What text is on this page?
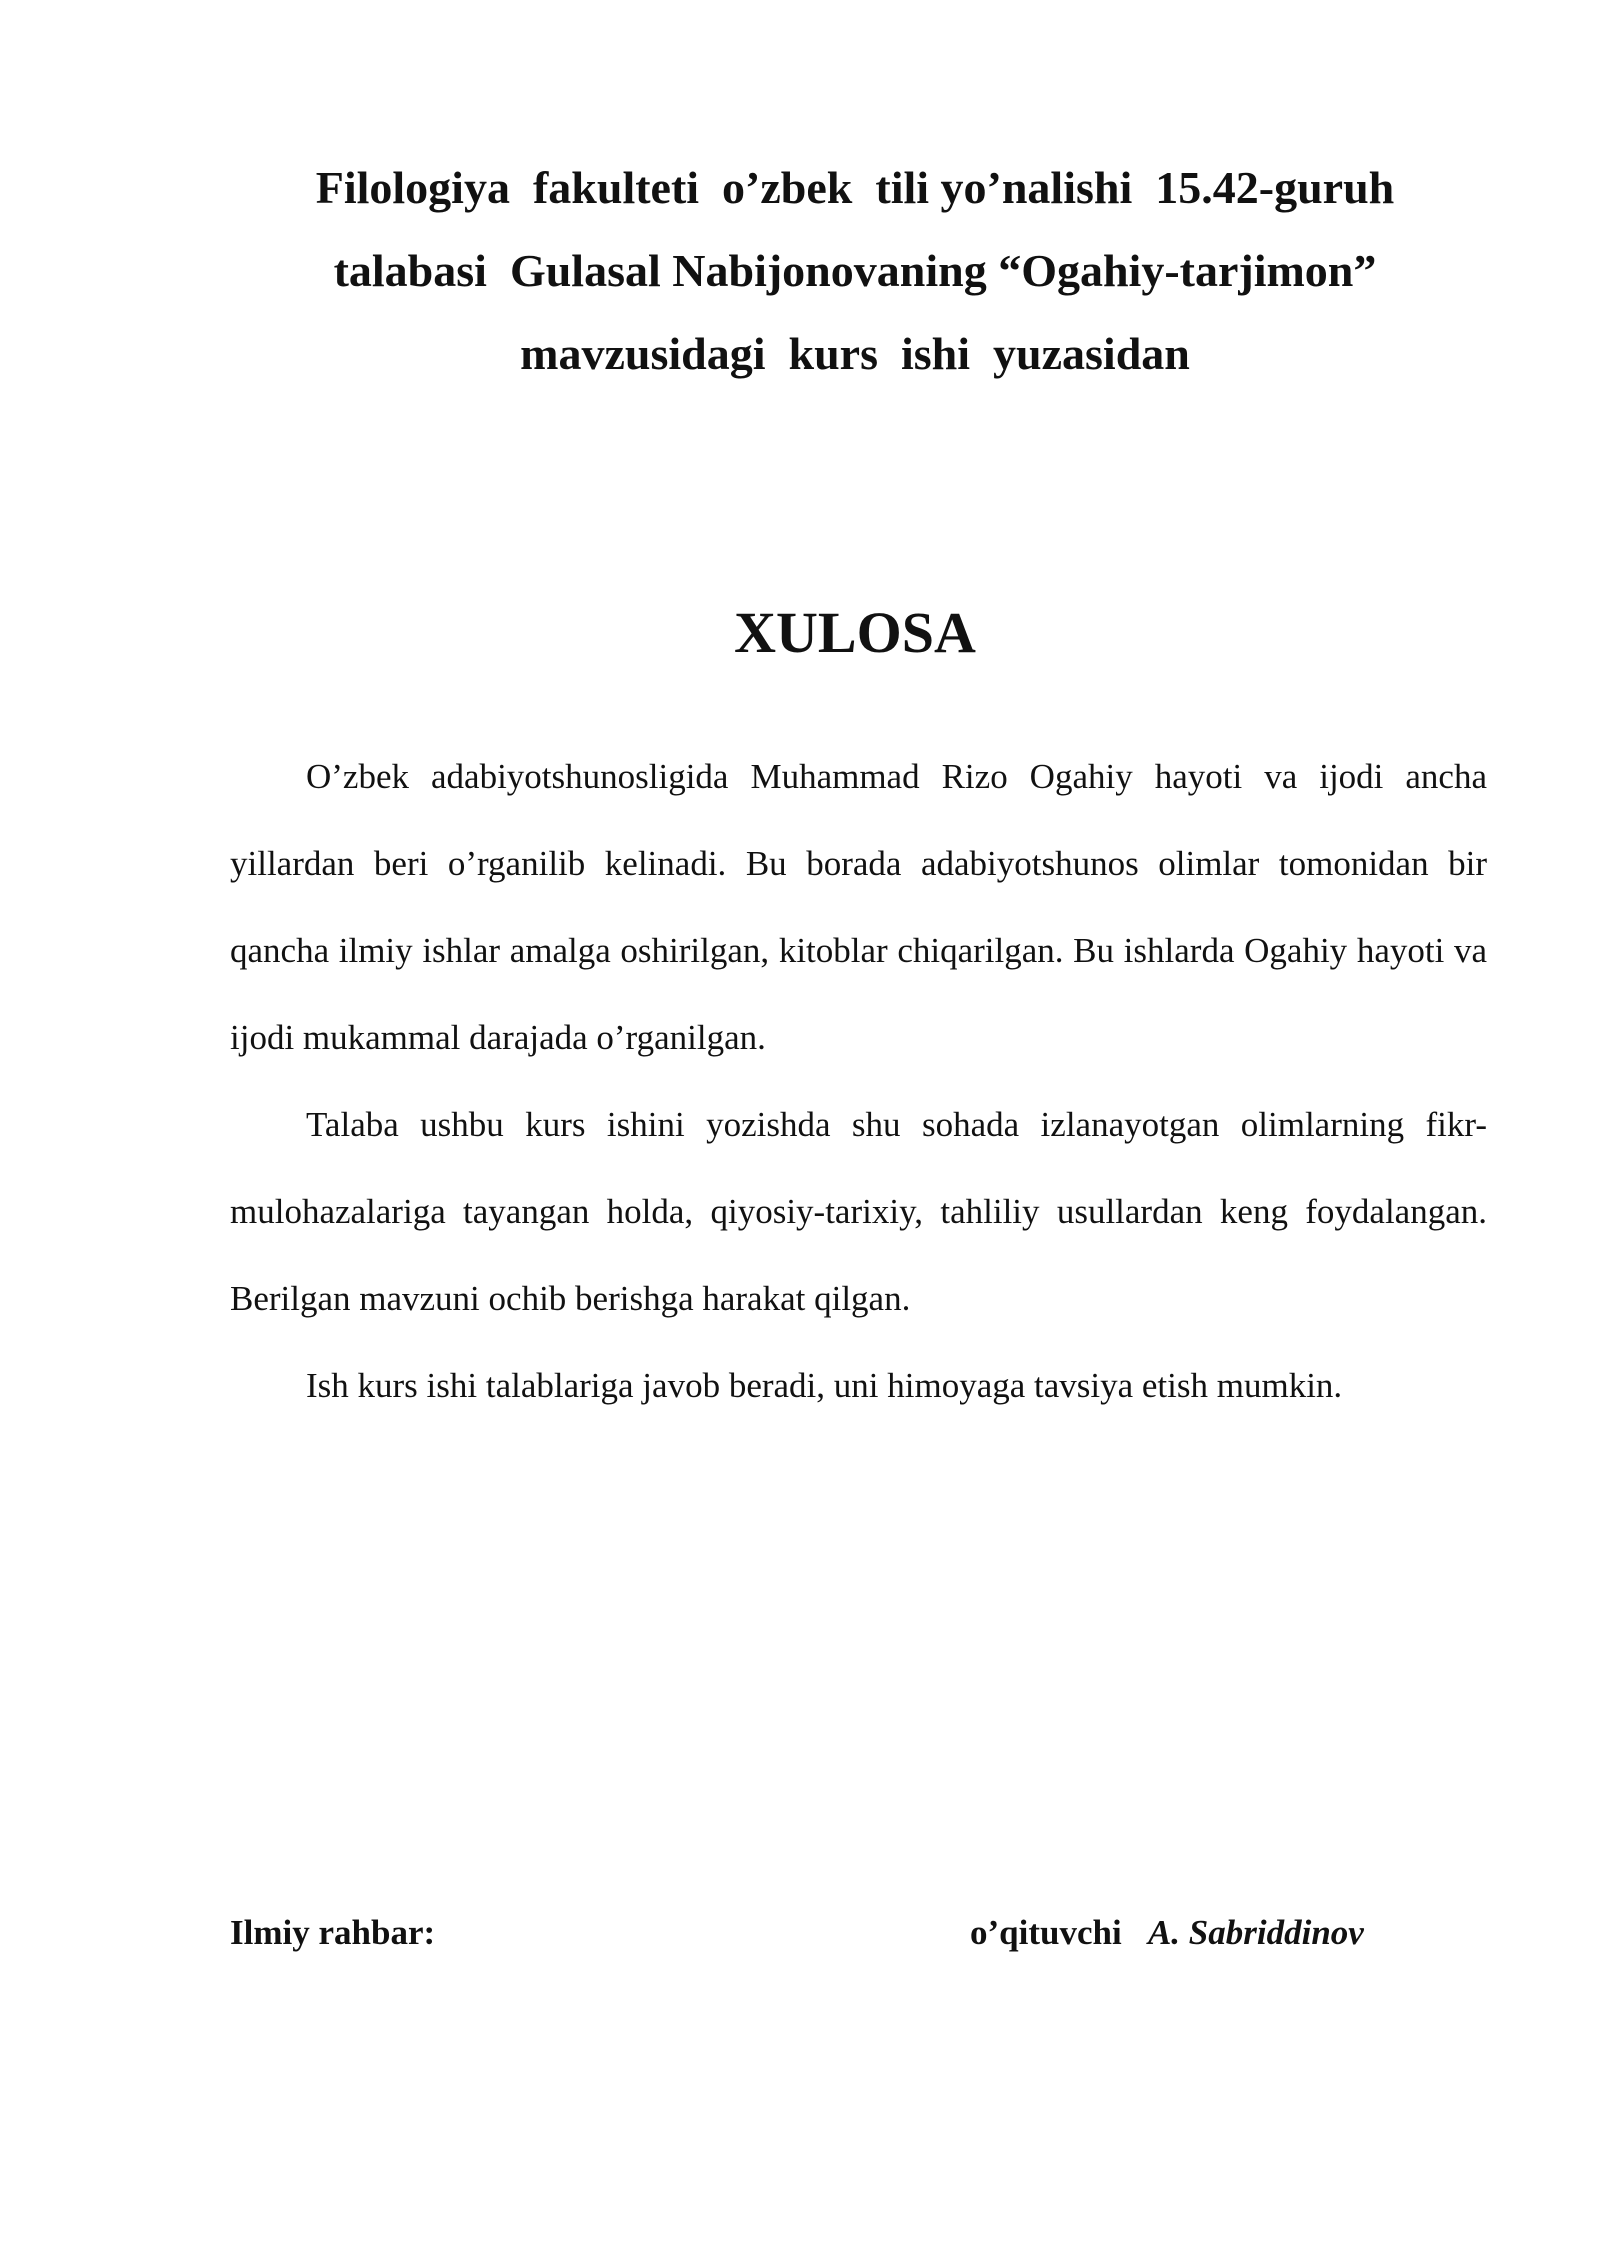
Filologiya  fakulteti  o’zbek  tili yo’nalishi  15.42-guruh
talabasi  Gulasal Nabijonovaning “Ogahiy-tarjimon”
mavzusidagi  kurs  ishi  yuzasidan
XULOSA

O’zbek adabiyotshunosligida Muhammad Rizo Ogahiy hayoti va ijodi ancha yillardan beri o’rganilib kelinadi. Bu borada adabiyotshunos olimlar tomonidan bir qancha ilmiy ishlar amalga oshirilgan, kitoblar chiqarilgan. Bu ishlarda Ogahiy hayoti va ijodi mukammal darajada o’rganilgan.

Talaba ushbu kurs ishini yozishda shu sohada izlanayotgan olimlarning fikr-mulohazalariga tayangan holda, qiyosiy-tarixiy, tahliliy usullardan keng foydalangan. Berilgan mavzuni ochib berishga harakat qilgan.

Ish kurs ishi talablariga javob beradi, uni himoyaga tavsiya etish mumkin.

Ilmiy rahbar:	o’qituvchi A. Sabriddinov
